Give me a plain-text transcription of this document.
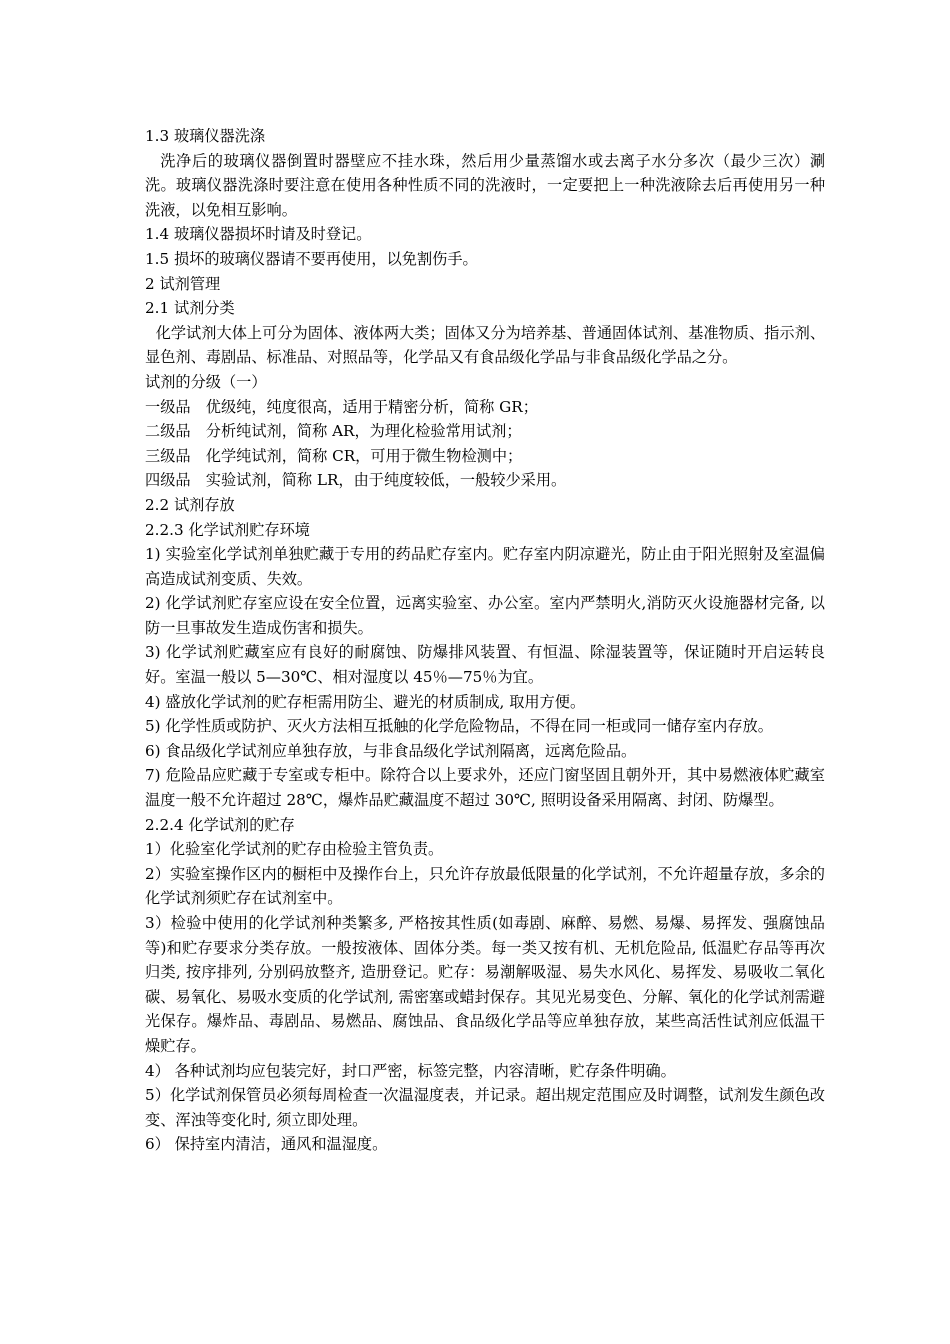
1.3 玻璃仪器洗涤

洗净后的玻璃仪器倒置时器壁应不挂水珠，然后用少量蒸馏水或去离子水分多次（最少三次）涮洗。玻璃仪器洗涤时要注意在使用各种性质不同的洗液时，一定要把上一种洗液除去后再使用另一种洗液，以免相互影响。

1.4 玻璃仪器损坏时请及时登记。

1.5 损坏的玻璃仪器请不要再使用，以免割伤手。

2 试剂管理

2.1 试剂分类

化学试剂大体上可分为固体、液体两大类；固体又分为培养基、普通固体试剂、基准物质、指示剂、显色剂、毒剧品、标准品、对照品等，化学品又有食品级化学品与非食品级化学品之分。

试剂的分级（一）

一级品　优级纯，纯度很高，适用于精密分析，简称 GR；

二级品　分析纯试剂，简称 AR，为理化检验常用试剂；

三级品　化学纯试剂，简称 CR，可用于微生物检测中；

四级品　实验试剂，简称 LR，由于纯度较低，一般较少采用。

2.2 试剂存放

2.2.3 化学试剂贮存环境

1) 实验室化学试剂单独贮藏于专用的药品贮存室内。贮存室内阴凉避光，防止由于阳光照射及室温偏高造成试剂变质、失效。

2) 化学试剂贮存室应设在安全位置，远离实验室、办公室。室内严禁明火,消防灭火设施器材完备, 以防一旦事故发生造成伤害和损失。

3) 化学试剂贮藏室应有良好的耐腐蚀、防爆排风装置、有恒温、除湿装置等，保证随时开启运转良好。室温一般以 5—30℃、相对湿度以 45％—75％为宜。

4) 盛放化学试剂的贮存柜需用防尘、避光的材质制成, 取用方便。

5) 化学性质或防护、灭火方法相互抵触的化学危险物品，不得在同一柜或同一储存室内存放。

6) 食品级化学试剂应单独存放，与非食品级化学试剂隔离，远离危险品。

7) 危险品应贮藏于专室或专柜中。除符合以上要求外，还应门窗坚固且朝外开，其中易燃液体贮藏室温度一般不允许超过 28℃，爆炸品贮藏温度不超过 30℃, 照明设备采用隔离、封闭、防爆型。

2.2.4 化学试剂的贮存

1）化验室化学试剂的贮存由检验主管负责。

2）实验室操作区内的橱柜中及操作台上，只允许存放最低限量的化学试剂，不允许超量存放，多余的化学试剂须贮存在试剂室中。

3）检验中使用的化学试剂种类繁多, 严格按其性质(如毒剧、麻醉、易燃、易爆、易挥发、强腐蚀品等)和贮存要求分类存放。一般按液体、固体分类。每一类又按有机、无机危险品, 低温贮存品等再次归类, 按序排列, 分别码放整齐, 造册登记。贮存：易潮解吸湿、易失水风化、易挥发、易吸收二氧化碳、易氧化、易吸水变质的化学试剂, 需密塞或蜡封保存。其见光易变色、分解、氧化的化学试剂需避光保存。爆炸品、毒剧品、易燃品、腐蚀品、食品级化学品等应单独存放，某些高活性试剂应低温干燥贮存。

4） 各种试剂均应包装完好，封口严密，标签完整，内容清晰，贮存条件明确。

5）化学试剂保管员必须每周检查一次温湿度表，并记录。超出规定范围应及时调整，试剂发生颜色改变、浑浊等变化时, 须立即处理。

6） 保持室内清洁，通风和温湿度。
